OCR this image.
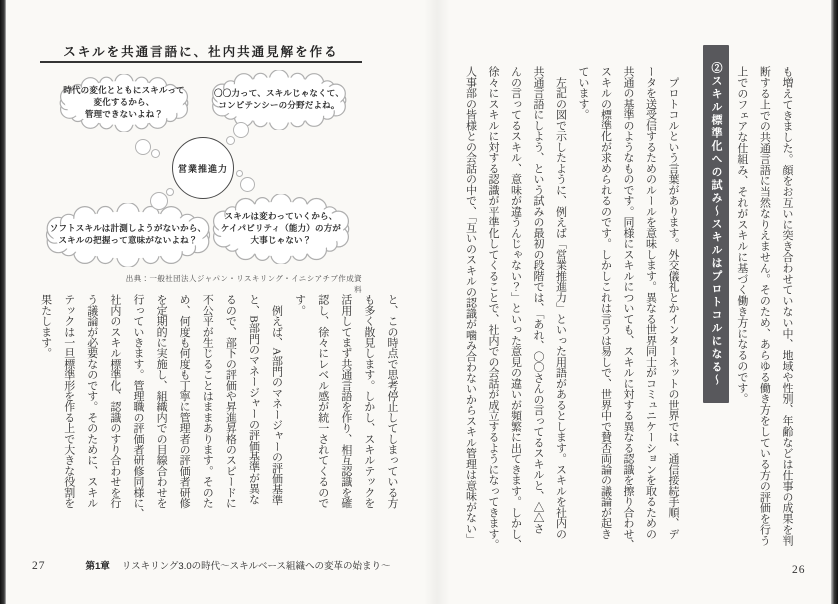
スキルを共通言語に、社内共通見解を作る
時代の変化とともにスキルって
変化するから、
管理できないよね？
〇〇力って、スキルじゃなくて、
コンピテンシーの分野だよね。
ソフトスキルは計測しようがないから、
スキルの把握って意味がないよね？
スキルは変わっていくから、
ケイパビリティ（能力）の方が
大事じゃない？
営業推進力
出典：一般社団法人ジャパン・リスキリング・イニシアチブ作成資料

と、この時点で思考停止してしまっている方

も多く散見します。しかし、スキルテックを

活用してまず共通言語を作り、相互認識を確

認し、徐々にレベル感が統一されてくるので

す。

　例えば、A部門のマネージャーの評価基準

と、B部門のマネージャーの評価基準が異な

るので、部下の評価や昇進昇格のスピードに

不公平が生じることはままあります。そのた

め、何度も何度も丁寧に管理者の評価者研修

を定期的に実施し、組織内での目線合わせを

行っていきます。管理職の評価者研修同様に、

社内のスキル標準化、認識のすり合わせを行

う議論が必要なのです。そのために、スキル

テックは一旦標準形を作る上で大きな役割を

果たします。

27	第1章 リスキリング3.0の時代〜スキルベース組織への変革の始まり〜

も増えてきました。顔をお互いに突き合わせていない中、地域や性別、年齢などは仕事の成果を判

断する上での共通言語に当然なりえません。そのため、あらゆる働き方をしている方の評価を行う

上でのフェアな仕組み、それがスキルに基づく働き方になるのです。

②スキル標準化への試み〜スキルはプロトコルになる〜

　プロトコルという言葉があります。外交儀礼とかインターネットの世界では、通信接続手順、デ

ータを送受信するためのルールを意味します。異なる世界同士がコミュニケーションを取るための

共通の基準のようなものです。同様にスキルについても、スキルに対する異なる認識を擦り合わせ、

スキルの標準化が求められるのです。しかしこれは言うは易しで、世界中で賛否両論の議論が起き

ています。

　左記の図で示したように、例えば「営業推進力」といった用語があるとします。スキルを社内の

共通言語にしよう、という試みの最初の段階では、「あれ、〇〇さんの言ってるスキルと、△△さ

んの言ってるスキル、意味が違うんじゃない？」といった意見の違いが頻繁に出てきます。しかし、

徐々にスキルに対する認識が平準化してくることで、社内での会話が成立するようになってきます。

人事部の皆様との会話の中で、「互いのスキルの認識が噛み合わないからスキル管理は意味がない」

26
